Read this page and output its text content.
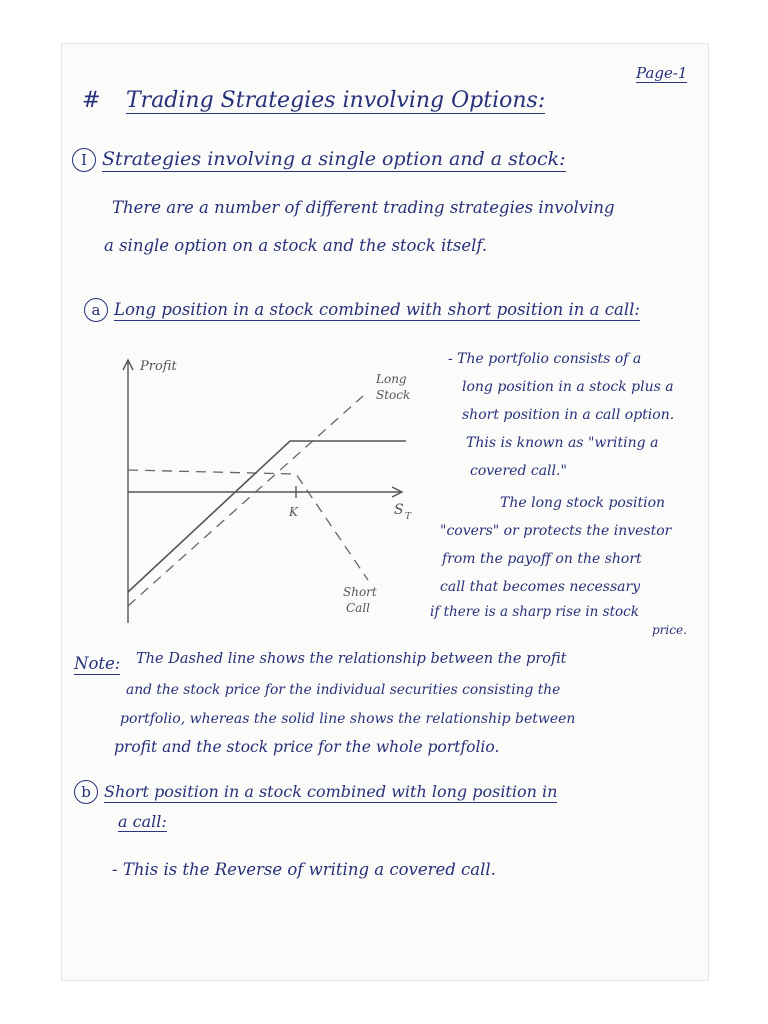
Page-1
# Trading Strategies involving Options:
I Strategies involving a single option and a stock:
There are a number of different trading strategies involving
a single option on a stock and the stock itself.
a Long position in a stock combined with short position in a call:
Profit
S T
K
Long
Stock
Short
Call
- The portfolio consists of a
long position in a stock plus a
short position in a call option.
This is known as "writing a
covered call."
The long stock position
"covers" or protects the investor
from the payoff on the short
call that becomes necessary
if there is a sharp rise in stock
price.
Note: The Dashed line shows the relationship between the profit
and the stock price for the individual securities consisting the
portfolio, whereas the solid line shows the relationship between
profit and the stock price for the whole portfolio.
b Short position in a stock combined with long position in
a call:
- This is the Reverse of writing a covered call.
